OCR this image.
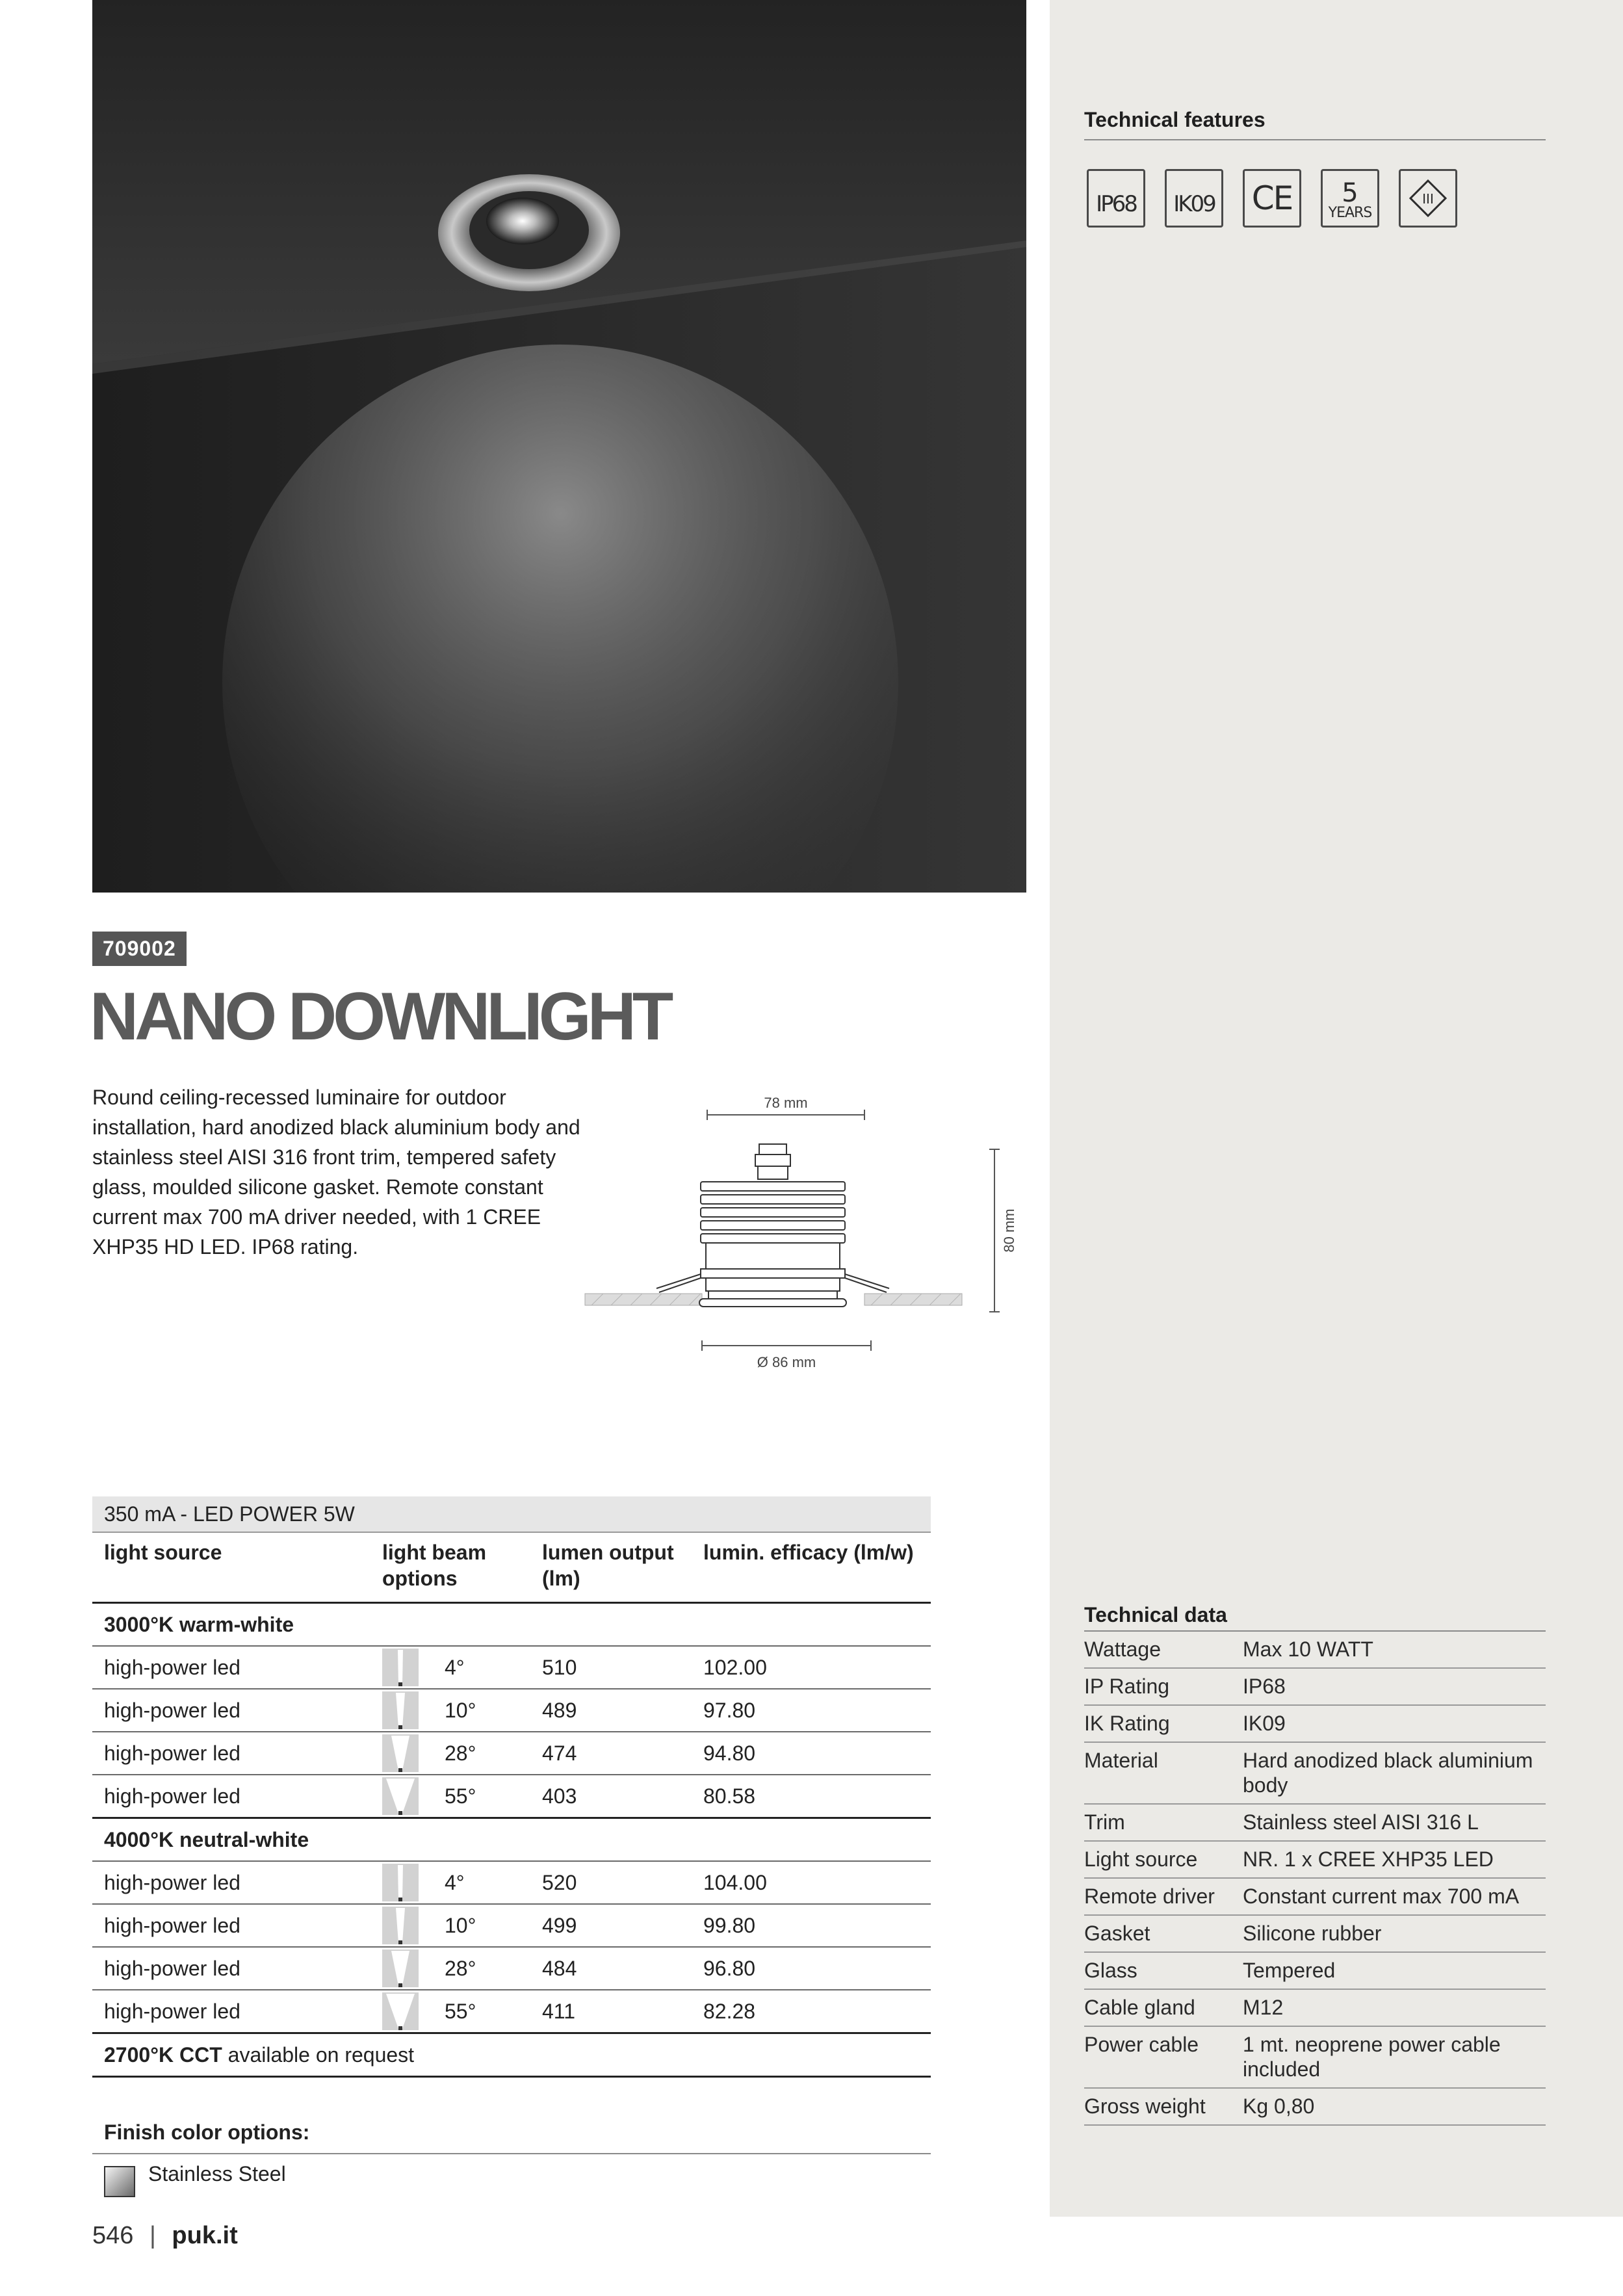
Technical features
IP68 IK09 CE 5
YEARS
III
Technical data
Wattage	Max 10 WATT
IP Rating	IP68
IK Rating	IK09
Material	Hard anodized black aluminium body
Trim	Stainless steel AISI 316 L
Light source	NR. 1 x CREE XHP35 LED
Remote driver	Constant current max 700 mA
Gasket	Silicone rubber
Glass	Tempered
Cable gland	M12
Power cable	1 mt. neoprene power cable included
Gross weight	Kg 0,80
709002
NANO DOWNLIGHT
Round ceiling-recessed luminaire for outdoor installation, hard anodized black aluminium body and stainless steel AISI 316 front trim, tempered safety glass, moulded silicone gasket. Remote constant current max 700 mA driver needed, with 1 CREE XHP35 HD LED. IP68 rating.
78 mm
80 mm
Ø 86 mm
350 mA - LED POWER 5W				
light source	light beam options		lumen output (lm)	lumin. efficacy (lm/w)
3000°K warm-white				
high-power led		4°	510	102.00
high-power led		10°	489	97.80
high-power led		28°	474	94.80
high-power led		55°	403	80.58
4000°K neutral-white				
high-power led		4°	520	104.00
high-power led		10°	499	99.80
high-power led		28°	484	96.80
high-power led		55°	411	82.28
2700°K CCT available on request				
Finish color options:
Stainless Steel
546 | puk.it
